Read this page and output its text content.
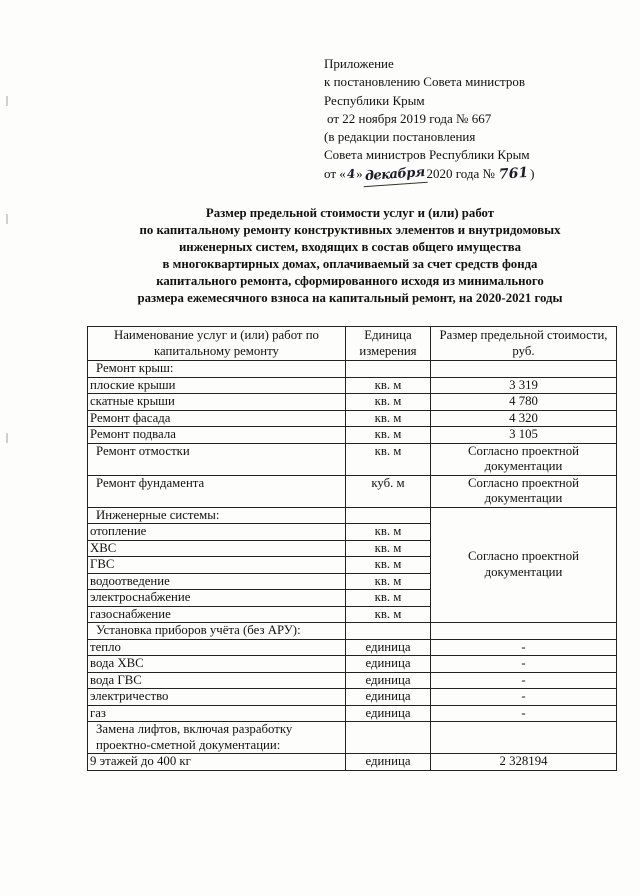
Приложение
к постановлению Совета министров
Республики Крым
от 22 ноября 2019 года № 667
(в редакции постановления
Совета министров Республики Крым
от «4»декабря 2020 года № 761)
Размер предельной стоимости услуг и (или) работ
по капитальному ремонту конструктивных элементов и внутридомовых
инженерных систем, входящих в состав общего имущества
в многоквартирных домах, оплачиваемый за счет средств фонда
капитального ремонта, сформированного исходя из минимального
размера ежемесячного взноса на капитальный ремонт, на 2020-2021 годы
Наименование услуг и (или) работ по капитальному ремонту	Единица измерения	Размер предельной стоимости, руб.
Ремонт крыш:		
плоские крыши	кв. м	3 319
скатные крыши	кв. м	4 780
Ремонт фасада	кв. м	4 320
Ремонт подвала	кв. м	3 105
Ремонт отмостки	кв. м	Согласно проектной документации
Ремонт фундамента	куб. м	Согласно проектной документации
Инженерные системы:		Согласно проектной документации
отопление	кв. м	
ХВС	кв. м	
ГВС	кв. м	
водоотведение	кв. м	
электроснабжение	кв. м	
газоснабжение	кв. м	
Установка приборов учёта (без АРУ):		
тепло	единица	-
вода ХВС	единица	-
вода ГВС	единица	-
электричество	единица	-
газ	единица	-
Замена лифтов, включая разработку проектно-сметной документации:		
9 этажей до 400 кг	единица	2 328194
